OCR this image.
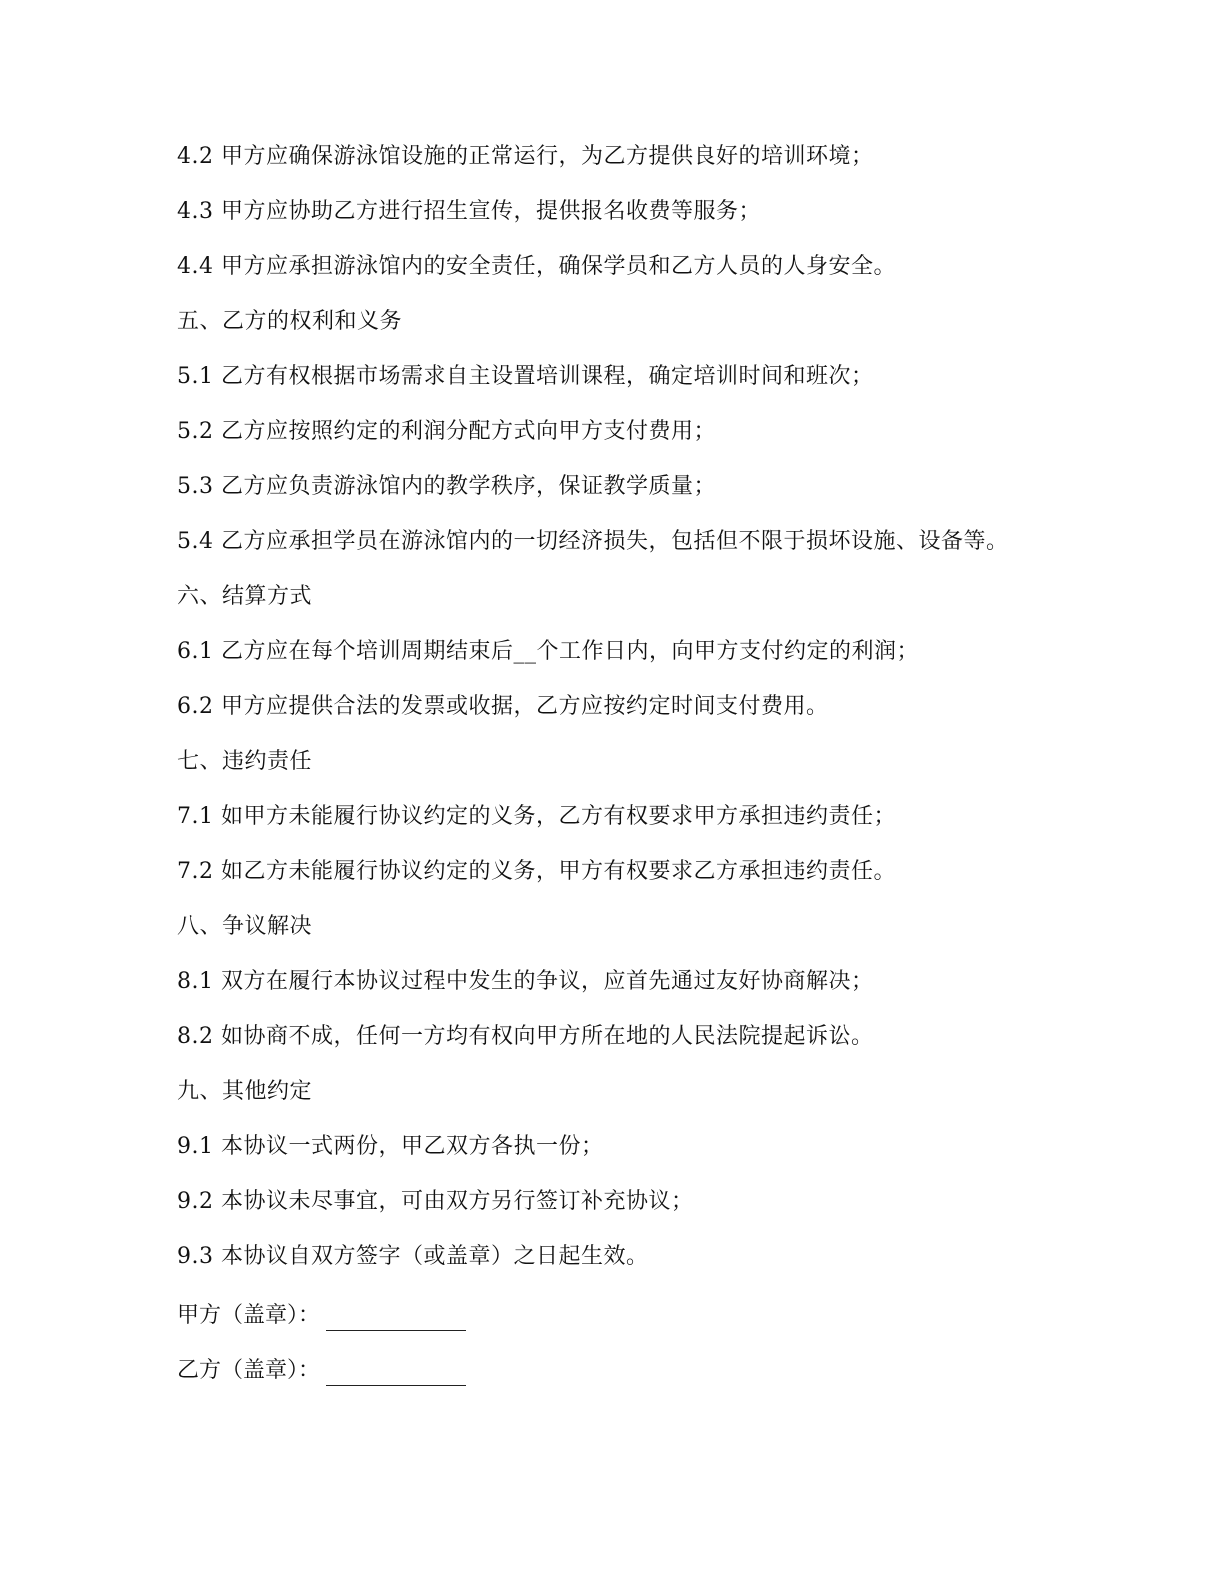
4.2 甲方应确保游泳馆设施的正常运行，为乙方提供良好的培训环境；
4.3 甲方应协助乙方进行招生宣传，提供报名收费等服务；
4.4 甲方应承担游泳馆内的安全责任，确保学员和乙方人员的人身安全。
五、乙方的权利和义务
5.1 乙方有权根据市场需求自主设置培训课程，确定培训时间和班次；
5.2 乙方应按照约定的利润分配方式向甲方支付费用；
5.3 乙方应负责游泳馆内的教学秩序，保证教学质量；
5.4 乙方应承担学员在游泳馆内的一切经济损失，包括但不限于损坏设施、设备等。
六、结算方式
6.1 乙方应在每个培训周期结束后__个工作日内，向甲方支付约定的利润；
6.2 甲方应提供合法的发票或收据，乙方应按约定时间支付费用。
七、违约责任
7.1 如甲方未能履行协议约定的义务，乙方有权要求甲方承担违约责任；
7.2 如乙方未能履行协议约定的义务，甲方有权要求乙方承担违约责任。
八、争议解决
8.1 双方在履行本协议过程中发生的争议，应首先通过友好协商解决；
8.2 如协商不成，任何一方均有权向甲方所在地的人民法院提起诉讼。
九、其他约定
9.1 本协议一式两份，甲乙双方各执一份；
9.2 本协议未尽事宜，可由双方另行签订补充协议；
9.3 本协议自双方签字（或盖章）之日起生效。
甲方（盖章）：
乙方（盖章）：
